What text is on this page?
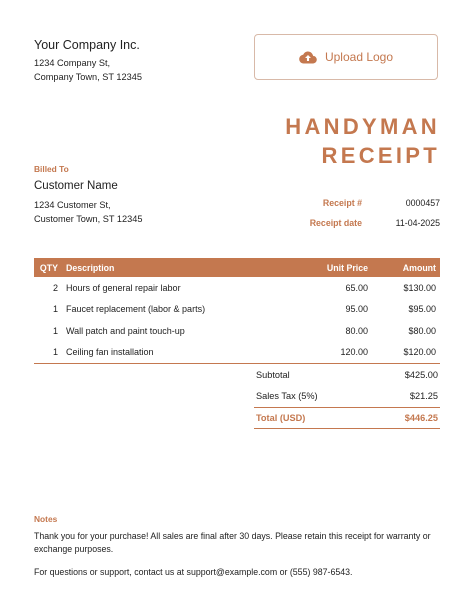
Your Company Inc.
1234 Company St,
Company Town, ST 12345
Upload Logo
HANDYMAN
RECEIPT
Billed To
Customer Name
1234 Customer St,
Customer Town, ST 12345
Receipt #	0000457
Receipt date	11-04-2025
QTY	Description	Unit Price	Amount
2	Hours of general repair labor	65.00	$130.00
1	Faucet replacement (labor & parts)	95.00	$95.00
1	Wall patch and paint touch-up	80.00	$80.00
1	Ceiling fan installation	120.00	$120.00
Subtotal	$425.00
Sales Tax (5%)	$21.25
Total (USD)	$446.25
Notes
Thank you for your purchase! All sales are final after 30 days. Please retain this receipt for warranty or exchange purposes.
For questions or support, contact us at support@example.com or (555) 987-6543.
